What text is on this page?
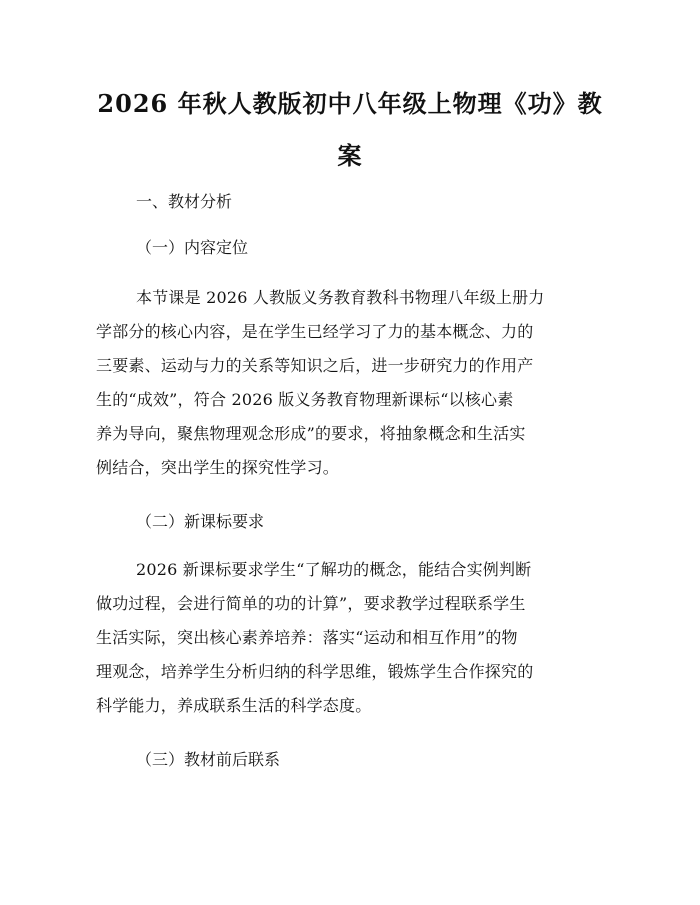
2026 年秋人教版初中八年级上物理《功》教
案
一、教材分析
（一）内容定位
本节课是 2026 人教版义务教育教科书物理八年级上册力
学部分的核心内容，是在学生已经学习了力的基本概念、力的
三要素、运动与力的关系等知识之后，进一步研究力的作用产
生的“成效”，符合 2026 版义务教育物理新课标“以核心素
养为导向，聚焦物理观念形成”的要求，将抽象概念和生活实
例结合，突出学生的探究性学习。
（二）新课标要求
2026 新课标要求学生“了解功的概念，能结合实例判断
做功过程，会进行简单的功的计算”，要求教学过程联系学生
生活实际，突出核心素养培养：落实“运动和相互作用”的物
理观念，培养学生分析归纳的科学思维，锻炼学生合作探究的
科学能力，养成联系生活的科学态度。
（三）教材前后联系
